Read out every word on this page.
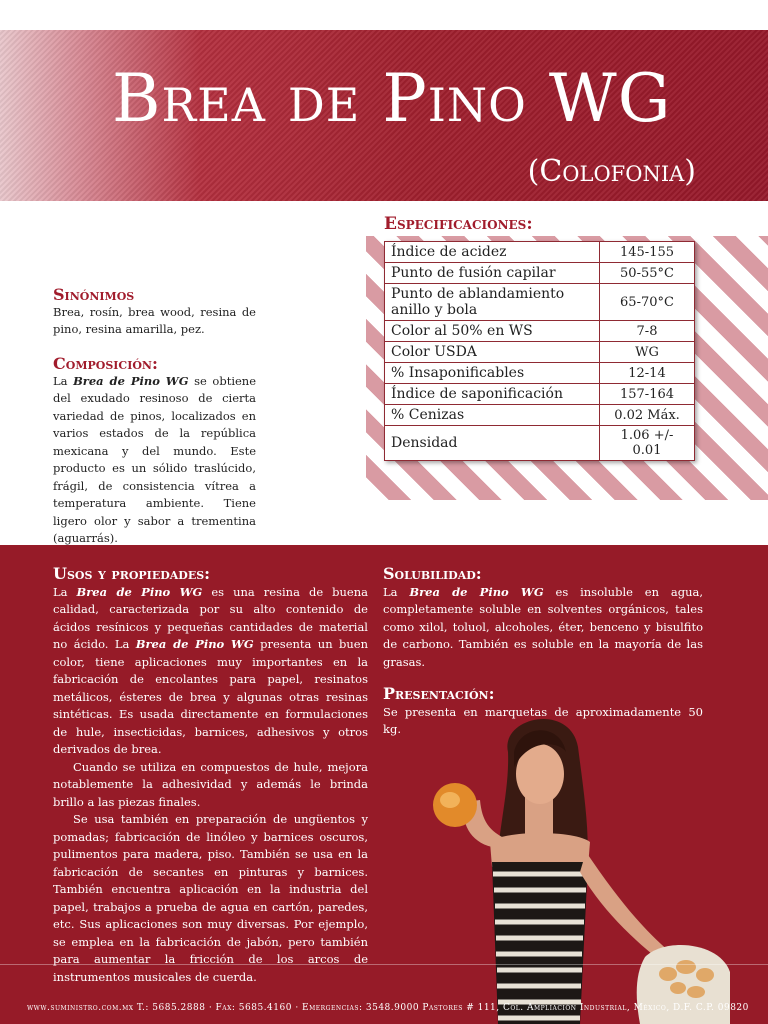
Brea de Pino WG
(Colofonia)
Especificaciones:
Índice de acidez	145-155
Punto de fusión capilar	50-55°C
Punto de ablandamiento anillo y bola	65-70°C
Color al 50% en WS	7-8
Color USDA	WG
% Insaponificables	12-14
Índice de saponificación	157-164
% Cenizas	0.02 Máx.
Densidad	1.06 +/- 0.01

Sinónimos

Brea, rosín, brea wood, resina de pino, resina amarilla, pez.

Composición:

La Brea de Pino WG se obtiene del exudado resinoso de cierta variedad de pinos, localizados en varios estados de la república mexicana y del mundo. Este producto es un sólido traslúcido, frágil, de consistencia vítrea a temperatura ambiente. Tiene ligero olor y sabor a trementina (aguarrás).

Usos y propiedades:

La Brea de Pino WG es una resina de buena calidad, caracterizada por su alto contenido de ácidos resínicos y pequeñas cantidades de material no ácido. La Brea de Pino WG presenta un buen color, tiene aplicaciones muy importantes en la fabricación de encolantes para papel, resinatos metálicos, ésteres de brea y algunas otras resinas sintéticas. Es usada directamente en formulaciones de hule, insecticidas, barnices, adhesivos y otros derivados de brea.

Cuando se utiliza en compuestos de hule, mejora notablemente la adhesividad y además le brinda brillo a las piezas finales.

Se usa también en preparación de ungüentos y pomadas; fabricación de linóleo y barnices oscuros, pulimentos para madera, piso. También se usa en la fabricación de secantes en pinturas y barnices. También encuentra aplicación en la industria del papel, trabajos a prueba de agua en cartón, paredes, etc. Sus aplicaciones son muy diversas. Por ejemplo, se emplea en la fabricación de jabón, pero también para aumentar la fricción de los arcos de instrumentos musicales de cuerda.

Solubilidad:

La Brea de Pino WG es insoluble en agua, completamente soluble en solventes orgánicos, tales como xilol, toluol, alcoholes, éter, benceno y bisulfito de carbono. También es soluble en la mayoría de las grasas.

Presentación:

Se presenta en marquetas de aproximadamente 50 kg.

www.suministro.com.mx T.: 5685.2888 · Fax: 5685.4160 · Emergencias: 3548.9000 Pastores # 111, Col. Ampliación Industrial, México, D.F. C.P. 09820
